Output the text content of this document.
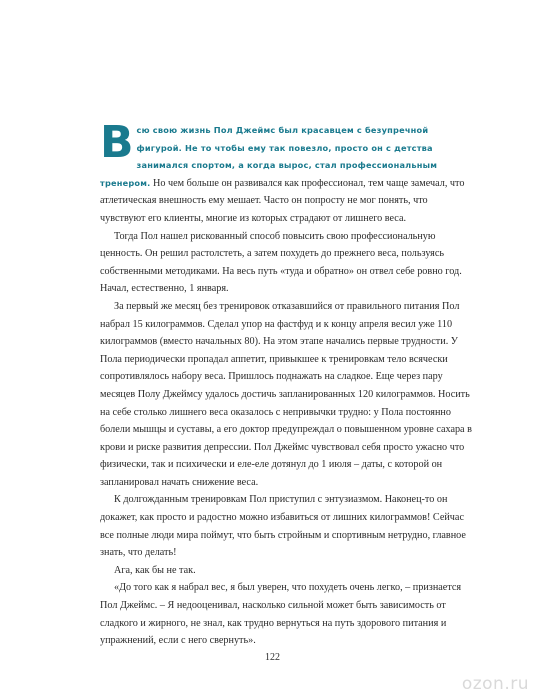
В сю свою жизнь Пол Джеймс был красавцем с безупречной фигурой. Не то чтобы ему так повезло, просто он с детства занимался спортом, а когда вырос, стал профессиональным тренером. Но чем больше он развивался как профессионал, тем чаще замечал, что атлетическая внешность ему мешает. Часто он попросту не мог понять, что чувствуют его клиенты, многие из которых страдают от лишнего веса.

Тогда Пол нашел рискованный способ повысить свою профессиональную ценность. Он решил растолстеть, а затем похудеть до прежнего веса, пользуясь собственными методиками. На весь путь «туда и обратно» он отвел себе ровно год. Начал, естественно, 1 января.

За первый же месяц без тренировок отказавшийся от правильного питания Пол набрал 15 килограммов. Сделал упор на фастфуд и к концу апреля весил уже 110 килограммов (вместо начальных 80). На этом этапе начались первые трудности. У Пола периодически пропадал аппетит, привыкшее к тренировкам тело всячески сопротивлялось набору веса. Пришлось поднажать на сладкое. Еще через пару месяцев Полу Джеймсу удалось достичь запланированных 120 килограммов. Носить на себе столько лишнего веса оказалось с непривычки трудно: у Пола постоянно болели мышцы и суставы, а его доктор предупреждал о повышенном уровне сахара в крови и риске развития депрессии. Пол Джеймс чувствовал себя просто ужасно что физически, так и психически и еле-еле дотянул до 1 июля – даты, с которой он запланировал начать снижение веса.

К долгожданным тренировкам Пол приступил с энтузиазмом. Наконец-то он докажет, как просто и радостно можно избавиться от лишних килограммов! Сейчас все полные люди мира поймут, что быть стройным и спортивным нетрудно, главное знать, что делать!

Ага, как бы не так.

«До того как я набрал вес, я был уверен, что похудеть очень легко, – признается Пол Джеймс. – Я недооценивал, насколько сильной может быть зависимость от сладкого и жирного, не знал, как трудно вернуться на путь здорового питания и упражнений, если с него свернуть».

122
ozon.ru
